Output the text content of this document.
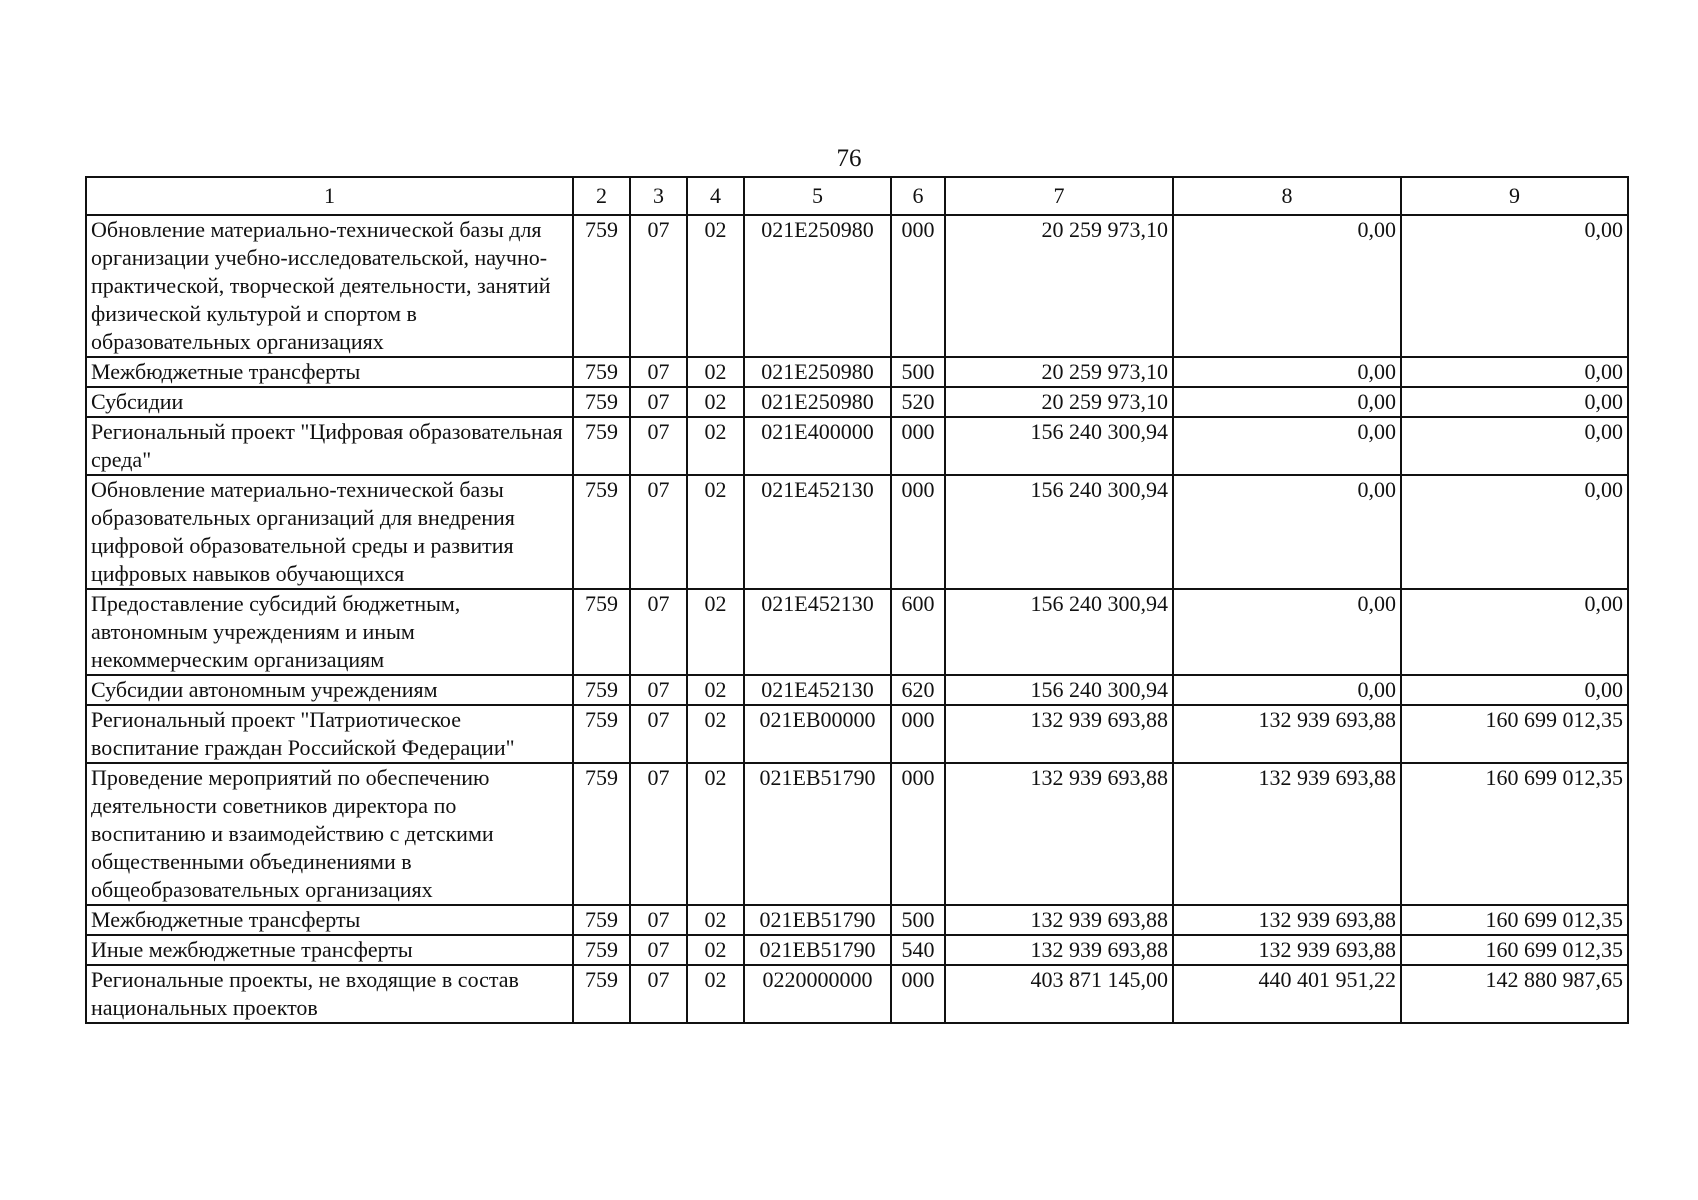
76
1	2	3	4	5	6	7	8	9
Обновление материально-технической базы для организации учебно-исследовательской, научно-практической, творческой деятельности, занятий физической культурой и спортом в образовательных организациях	759	07	02	021E250980	000	20 259 973,10	0,00	0,00
Межбюджетные трансферты	759	07	02	021E250980	500	20 259 973,10	0,00	0,00
Субсидии	759	07	02	021E250980	520	20 259 973,10	0,00	0,00
Региональный проект "Цифровая образовательная среда"	759	07	02	021E400000	000	156 240 300,94	0,00	0,00
Обновление материально-технической базы образовательных организаций для внедрения цифровой образовательной среды и развития цифровых навыков обучающихся	759	07	02	021E452130	000	156 240 300,94	0,00	0,00
Предоставление субсидий бюджетным, автономным учреждениям и иным некоммерческим организациям	759	07	02	021E452130	600	156 240 300,94	0,00	0,00
Субсидии автономным учреждениям	759	07	02	021E452130	620	156 240 300,94	0,00	0,00
Региональный проект "Патриотическое воспитание граждан Российской Федерации"	759	07	02	021EB00000	000	132 939 693,88	132 939 693,88	160 699 012,35
Проведение мероприятий по обеспечению деятельности советников директора по воспитанию и взаимодействию с детскими общественными объединениями в общеобразовательных организациях	759	07	02	021EB51790	000	132 939 693,88	132 939 693,88	160 699 012,35
Межбюджетные трансферты	759	07	02	021EB51790	500	132 939 693,88	132 939 693,88	160 699 012,35
Иные межбюджетные трансферты	759	07	02	021EB51790	540	132 939 693,88	132 939 693,88	160 699 012,35
Региональные проекты, не входящие в состав национальных проектов	759	07	02	0220000000	000	403 871 145,00	440 401 951,22	142 880 987,65
